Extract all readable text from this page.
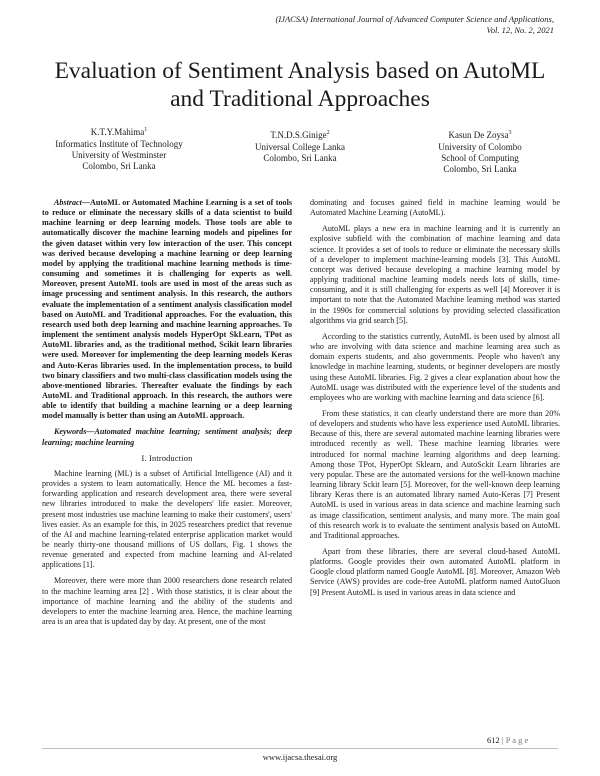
(IJACSA) International Journal of Advanced Computer Science and Applications,
Vol. 12, No. 2, 2021
Evaluation of Sentiment Analysis based on AutoML
and Traditional Approaches
K.T.Y.Mahima$^1$
Informatics Institute of Technology
University of Westminster
Colombo, Sri Lanka
T.N.D.S.Ginige$^2$
Universal College Lanka
Colombo, Sri Lanka
Kasun De Zoysa$^3$
University of Colombo
School of Computing
Colombo, Sri Lanka

Abstract—AutoML or Automated Machine Learning is a set of tools to reduce or eliminate the necessary skills of a data scientist to build machine learning or deep learning models. Those tools are able to automatically discover the machine learning models and pipelines for the given dataset within very low interaction of the user. This concept was derived because developing a machine learning or deep learning model by applying the traditional machine learning methods is time-consuming and sometimes it is challenging for experts as well. Moreover, present AutoML tools are used in most of the areas such as image processing and sentiment analysis. In this research, the authors evaluate the implementation of a sentiment analysis classification model based on AutoML and Traditional approaches. For the evaluation, this research used both deep learning and machine learning approaches. To implement the sentiment analysis models HyperOpt SkLearn, TPot as AutoML libraries and, as the traditional method, Scikit learn libraries were used. Moreover for implementing the deep learning models Keras and Auto-Keras libraries used. In the implementation process, to build two binary classifiers and two multi-class classification models using the above-mentioned libraries. Thereafter evaluate the findings by each AutoML and Traditional approach. In this research, the authors were able to identify that building a machine learning or a deep learning model manually is better than using an AutoML approach.

Keywords—Automated machine learning; sentiment analysis; deep learning; machine learning

I. Introduction

Machine learning (ML) is a subset of Artificial Intelligence (AI) and it provides a system to learn automatically. Hence the ML becomes a fast-forwarding application and research development area, there were several new libraries introduced to make the developers' life easier. Moreover, present most industries use machine learning to make their customers', users' lives easier. As an example for this, in 2025 researchers predict that revenue of the AI and machine learning-related enterprise application market would be nearly thirty-one thousand millions of US dollars, Fig. 1 shows the revenue generated and expected from machine learning and AI-related applications [1].

Moreover, there were more than 2000 researchers done research related to the machine learning area [2] . With those statistics, it is clear about the importance of machine learning and the ability of the students and developers to enter the machine learning area. Hence, the machine learning area is an area that is updated day by day. At present, one of the most

dominating and focuses gained field in machine learning would be Automated Machine Learning (AutoML).

AutoML plays a new era in machine learning and it is currently an explosive subfield with the combination of machine learning and data science. It provides a set of tools to reduce or eliminate the necessary skills of a developer to implement machine-learning models [3]. This AutoML concept was derived because developing a machine learning model by applying traditional machine learning models needs lots of skills, time-consuming, and it is still challenging for experts as well [4] Moreover it is important to note that the Automated Machine learning method was started in the 1990s for commercial solutions by providing selected classification algorithms via grid search [5].

According to the statistics currently, AutoML is been used by almost all who are involving with data science and machine learning area such as domain experts students, and also governments. People who haven't any knowledge in machine learning, students, or beginner developers are mostly using these AutoML libraries. Fig. 2 gives a clear explanation about how the AutoML usage was distributed with the experience level of the students and employees who are working with machine learning and data science [6].

From these statistics, it can clearly understand there are more than 20% of developers and students who have less experience used AutoML libraries. Because of this, there are several automated machine learning libraries were introduced recently as well. These machine learning libraries were introduced for normal machine learning algorithms and deep learning. Among those TPot, HyperOpt Sklearn, and AutoSckit Learn libraries are very popular. These are the automated versions for the well-known machine learning library Sckit learn [5]. Moreover, for the well-known deep learning library Keras there is an automated library named Auto-Keras [7] Present AutoML is used in various areas in data science and machine learning such as image classification, sentiment analysis, and many more. The main goal of this research work is to evaluate the sentiment analysis based on AutoML and Traditional approaches.

Apart from these libraries, there are several cloud-based AutoML platforms. Google provides their own automated AutoML platform in Google cloud platform named Google AutoML [8]. Moreover, Amazon Web Service (AWS) provides are code-free AutoML platform named AutoGluon [9] Present AutoML is used in various areas in data science and

612 | P a g e
www.ijacsa.thesai.org
